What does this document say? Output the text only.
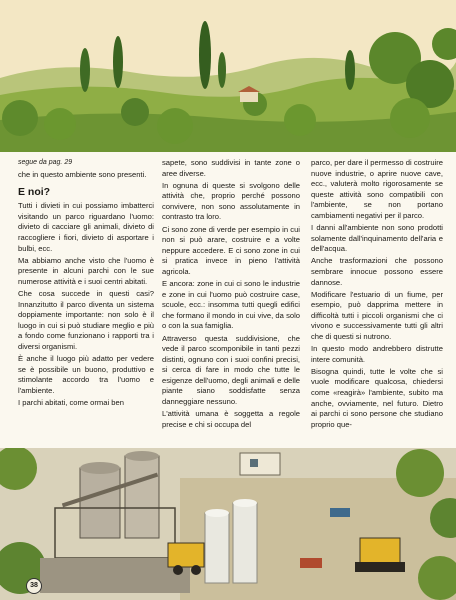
segue da pag. 29

che in questo ambiente sono presenti.

E noi?

Tutti i divieti in cui possiamo imbatterci visitando un parco riguardano l'uomo: divieto di cacciare gli animali, divieto di raccogliere i fiori, divieto di asportare i bulbi, ecc.

Ma abbiamo anche visto che l'uomo è presente in alcuni parchi con le sue numerose attività e i suoi centri abitati.

Che cosa succede in questi casi? Innanzitutto il parco diventa un sistema doppiamente importante: non solo è il luogo in cui si può studiare meglio e più a fondo come funzionano i rapporti tra i diversi organismi.

È anche il luogo più adatto per vedere se è possibile un buono, produttivo e stimolante accordo tra l'uomo e l'ambiente.

I parchi abitati, come ormai ben

sapete, sono suddivisi in tante zone o aree diverse.

In ognuna di queste si svolgono delle attività che, proprio perché possono convivere, non sono assolutamente in contrasto tra loro.

Ci sono zone di verde per esempio in cui non si può arare, costruire e a volte neppure accedere. E ci sono zone in cui si pratica invece in pieno l'attività agricola.

E ancora: zone in cui ci sono le industrie e zone in cui l'uomo può costruire case, scuole, ecc.: insomma tutti quegli edifici che formano il mondo in cui vive, da solo o con la sua famiglia.

Attraverso questa suddivisione, che vede il parco scomponibile in tanti pezzi distinti, ognuno con i suoi confini precisi, si cerca di fare in modo che tutte le esigenze dell'uomo, degli animali e delle piante siano soddisfatte senza danneggiare nessuno.

L'attività umana è soggetta a regole precise e chi si occupa del

parco, per dare il permesso di costruire nuove industrie, o aprire nuove cave, ecc., valuterà molto rigorosamente se queste attività sono compatibili con l'ambiente, se non portano cambiamenti negativi per il parco.

I danni all'ambiente non sono prodotti solamente dall'inquinamento dell'aria e dell'acqua.

Anche trasformazioni che possono sembrare innocue possono essere dannose.

Modificare l'estuario di un fiume, per esempio, può dapprima mettere in difficoltà tutti i piccoli organismi che ci vivono e successivamente tutti gli altri che di questi si nutrono.

In questo modo andrebbero distrutte intere comunità.

Bisogna quindi, tutte le volte che si vuole modificare qualcosa, chiedersi come «reagirà» l'ambiente, subito ma anche, ovviamente, nel futuro. Dietro ai parchi ci sono persone che studiano proprio que-

38
